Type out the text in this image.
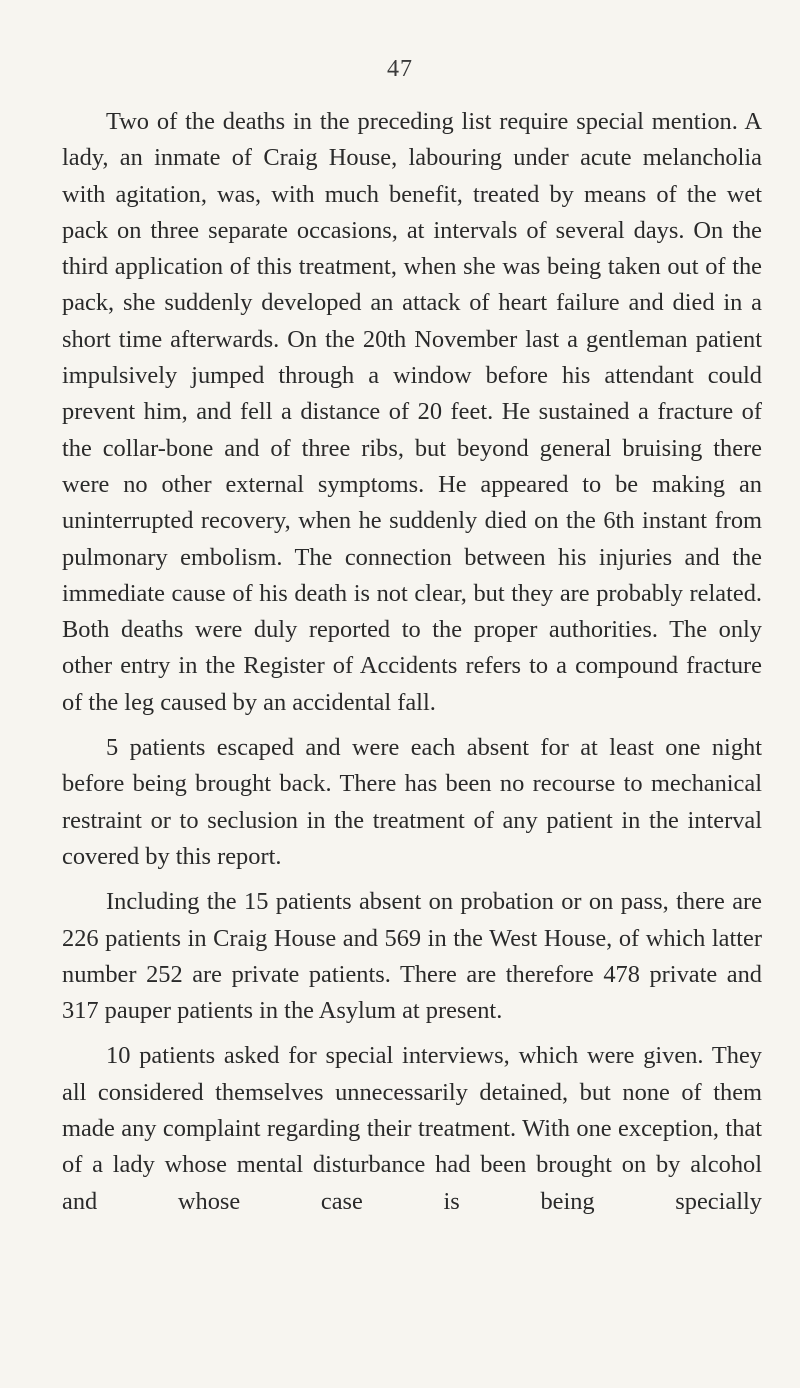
47

Two of the deaths in the preceding list require special mention. A lady, an inmate of Craig House, labouring under acute melancholia with agitation, was, with much benefit, treated by means of the wet pack on three separate occasions, at intervals of several days. On the third application of this treatment, when she was being taken out of the pack, she suddenly developed an attack of heart failure and died in a short time afterwards. On the 20th November last a gentleman patient impulsively jumped through a window before his attendant could prevent him, and fell a distance of 20 feet. He sustained a fracture of the collar-bone and of three ribs, but beyond general bruising there were no other external symptoms. He appeared to be making an uninterrupted recovery, when he suddenly died on the 6th instant from pulmonary embolism. The connection between his injuries and the immediate cause of his death is not clear, but they are probably related. Both deaths were duly reported to the proper authorities. The only other entry in the Register of Accidents refers to a compound fracture of the leg caused by an accidental fall.

5 patients escaped and were each absent for at least one night before being brought back. There has been no recourse to mechanical restraint or to seclusion in the treatment of any patient in the interval covered by this report.

Including the 15 patients absent on probation or on pass, there are 226 patients in Craig House and 569 in the West House, of which latter number 252 are private patients. There are therefore 478 private and 317 pauper patients in the Asylum at present.

10 patients asked for special interviews, which were given. They all considered themselves unnecessarily detained, but none of them made any complaint regarding their treatment. With one exception, that of a lady whose mental disturbance had been brought on by alcohol and whose case is being specially
